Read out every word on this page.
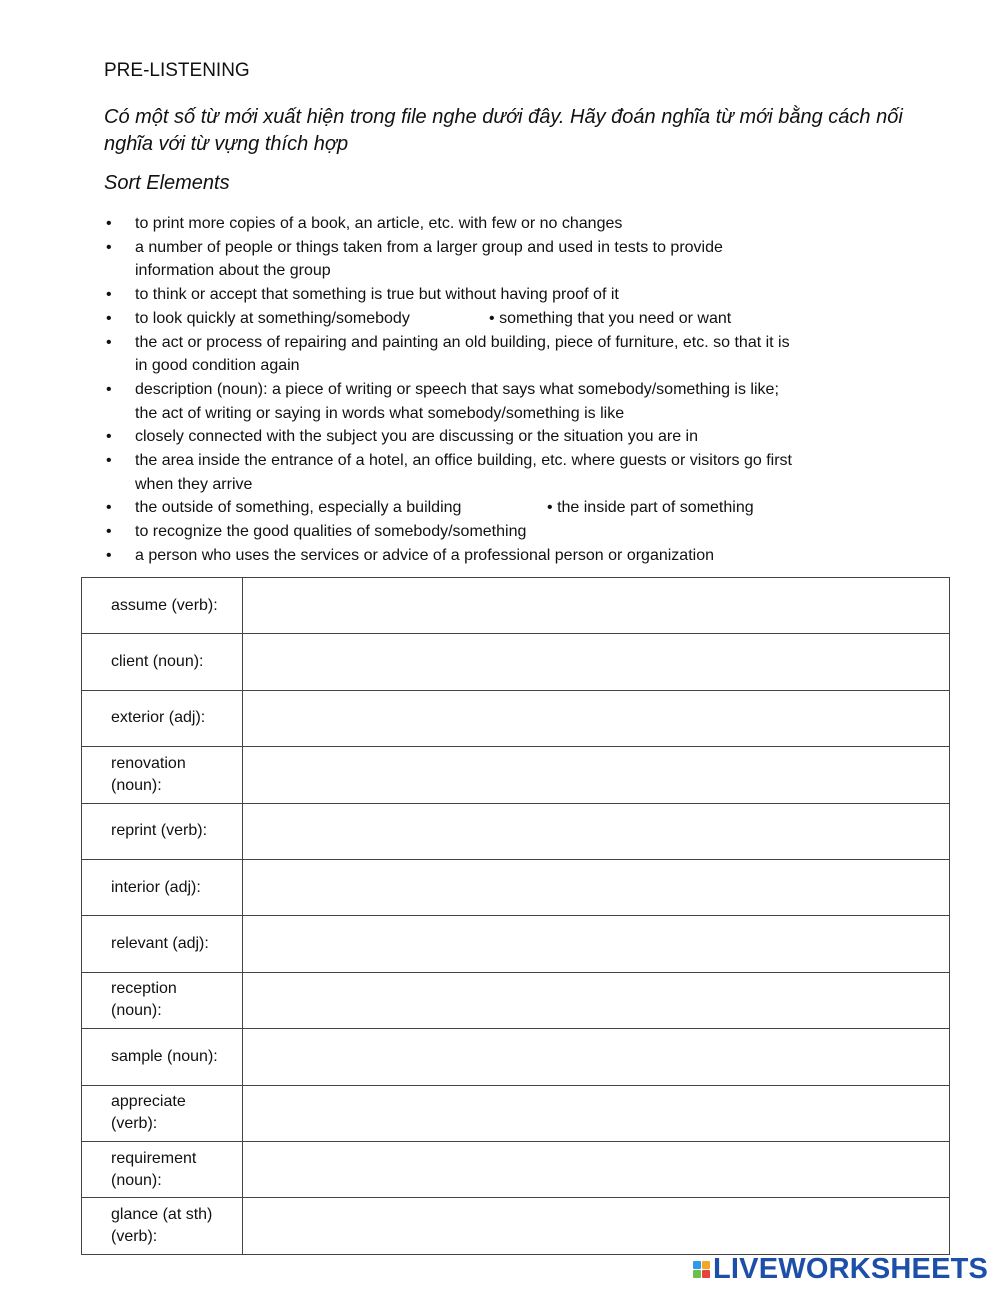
PRE-LISTENING
Có một số từ mới xuất hiện trong file nghe dưới đây. Hãy đoán nghĩa từ mới bằng cách nối nghĩa với từ vựng thích hợp
Sort Elements
• to print more copies of a book, an article, etc. with few or no changes
• a number of people or things taken from a larger group and used in tests to provide information about the group
• to think or accept that something is true but without having proof of it
• to look quickly at something/somebody	• something that you need or want
• the act or process of repairing and painting an old building, piece of furniture, etc. so that it is in good condition again
• description (noun): a piece of writing or speech that says what somebody/something is like; the act of writing or saying in words what somebody/something is like
• closely connected with the subject you are discussing or the situation you are in
• the area inside the entrance of a hotel, an office building, etc. where guests or visitors go first when they arrive
• the outside of something, especially a building	• the inside part of something
• to recognize the good qualities of somebody/something
• a person who uses the services or advice of a professional person or organization
assume (verb):	

client (noun):	

exterior (adj):	

renovation (noun):	

reprint (verb):	

interior (adj):	

relevant (adj):	

reception (noun):	

sample (noun):	

appreciate (verb):	

requirement (noun):	

glance (at sth) (verb):	

LIVEWORKSHEETS
